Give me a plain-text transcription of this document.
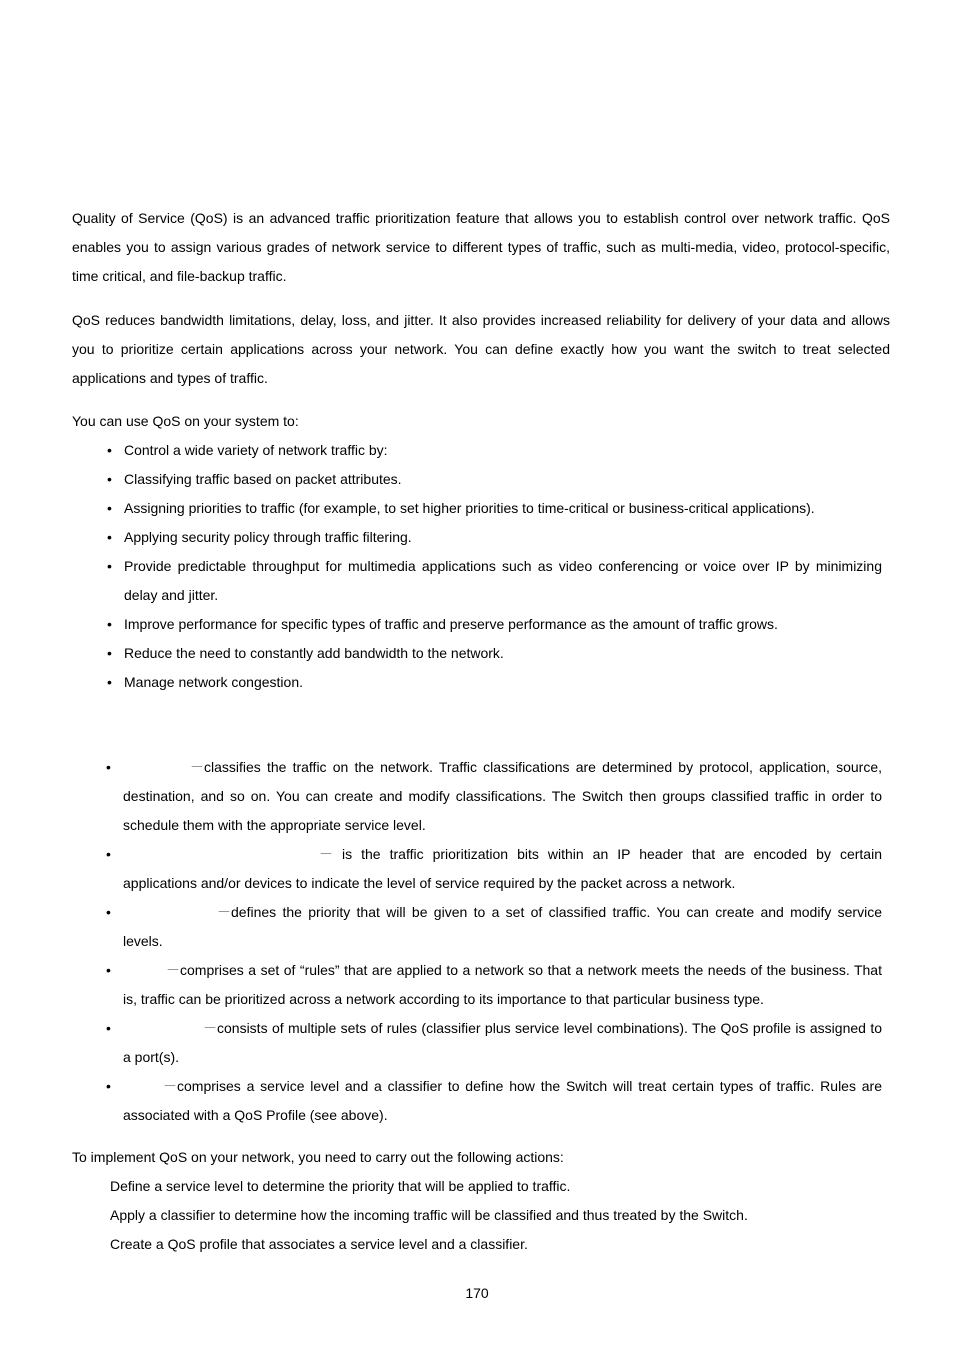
Quality of Service (QoS) is an advanced traffic prioritization feature that allows you to establish control over network traffic. QoS enables you to assign various grades of network service to different types of traffic, such as multi-media, video, protocol-specific, time critical, and file-backup traffic.

QoS reduces bandwidth limitations, delay, loss, and jitter. It also provides increased reliability for delivery of your data and allows you to prioritize certain applications across your network. You can define exactly how you want the switch to treat selected applications and types of traffic.

You can use QoS on your system to:
• Control a wide variety of network traffic by:
• Classifying traffic based on packet attributes.
• Assigning priorities to traffic (for example, to set higher priorities to time-critical or business-critical applications).
• Applying security policy through traffic filtering.
• Provide predictable throughput for multimedia applications such as video conferencing or voice over IP by minimizing delay and jitter.
• Improve performance for specific types of traffic and preserve performance as the amount of traffic grows.
• Reduce the need to constantly add bandwidth to the network.
• Manage network congestion.
•	－classifies the traffic on the network. Traffic classifications are determined by protocol, application, source, destination, and so on. You can create and modify classifications. The Switch then groups classified traffic in order to schedule them with the appropriate service level.
•	－ is the traffic prioritization bits within an IP header that are encoded by certain applications and/or devices to indicate the level of service required by the packet across a network.
•	－defines the priority that will be given to a set of classified traffic. You can create and modify service levels.
•	－comprises a set of “rules” that are applied to a network so that a network meets the needs of the business. That is, traffic can be prioritized across a network according to its importance to that particular business type.
•	－consists of multiple sets of rules (classifier plus service level combinations). The QoS profile is assigned to a port(s).
•	－comprises a service level and a classifier to define how the Switch will treat certain types of traffic. Rules are associated with a QoS Profile (see above).
To implement QoS on your network, you need to carry out the following actions:
Define a service level to determine the priority that will be applied to traffic.
Apply a classifier to determine how the incoming traffic will be classified and thus treated by the Switch.
Create a QoS profile that associates a service level and a classifier.
170
